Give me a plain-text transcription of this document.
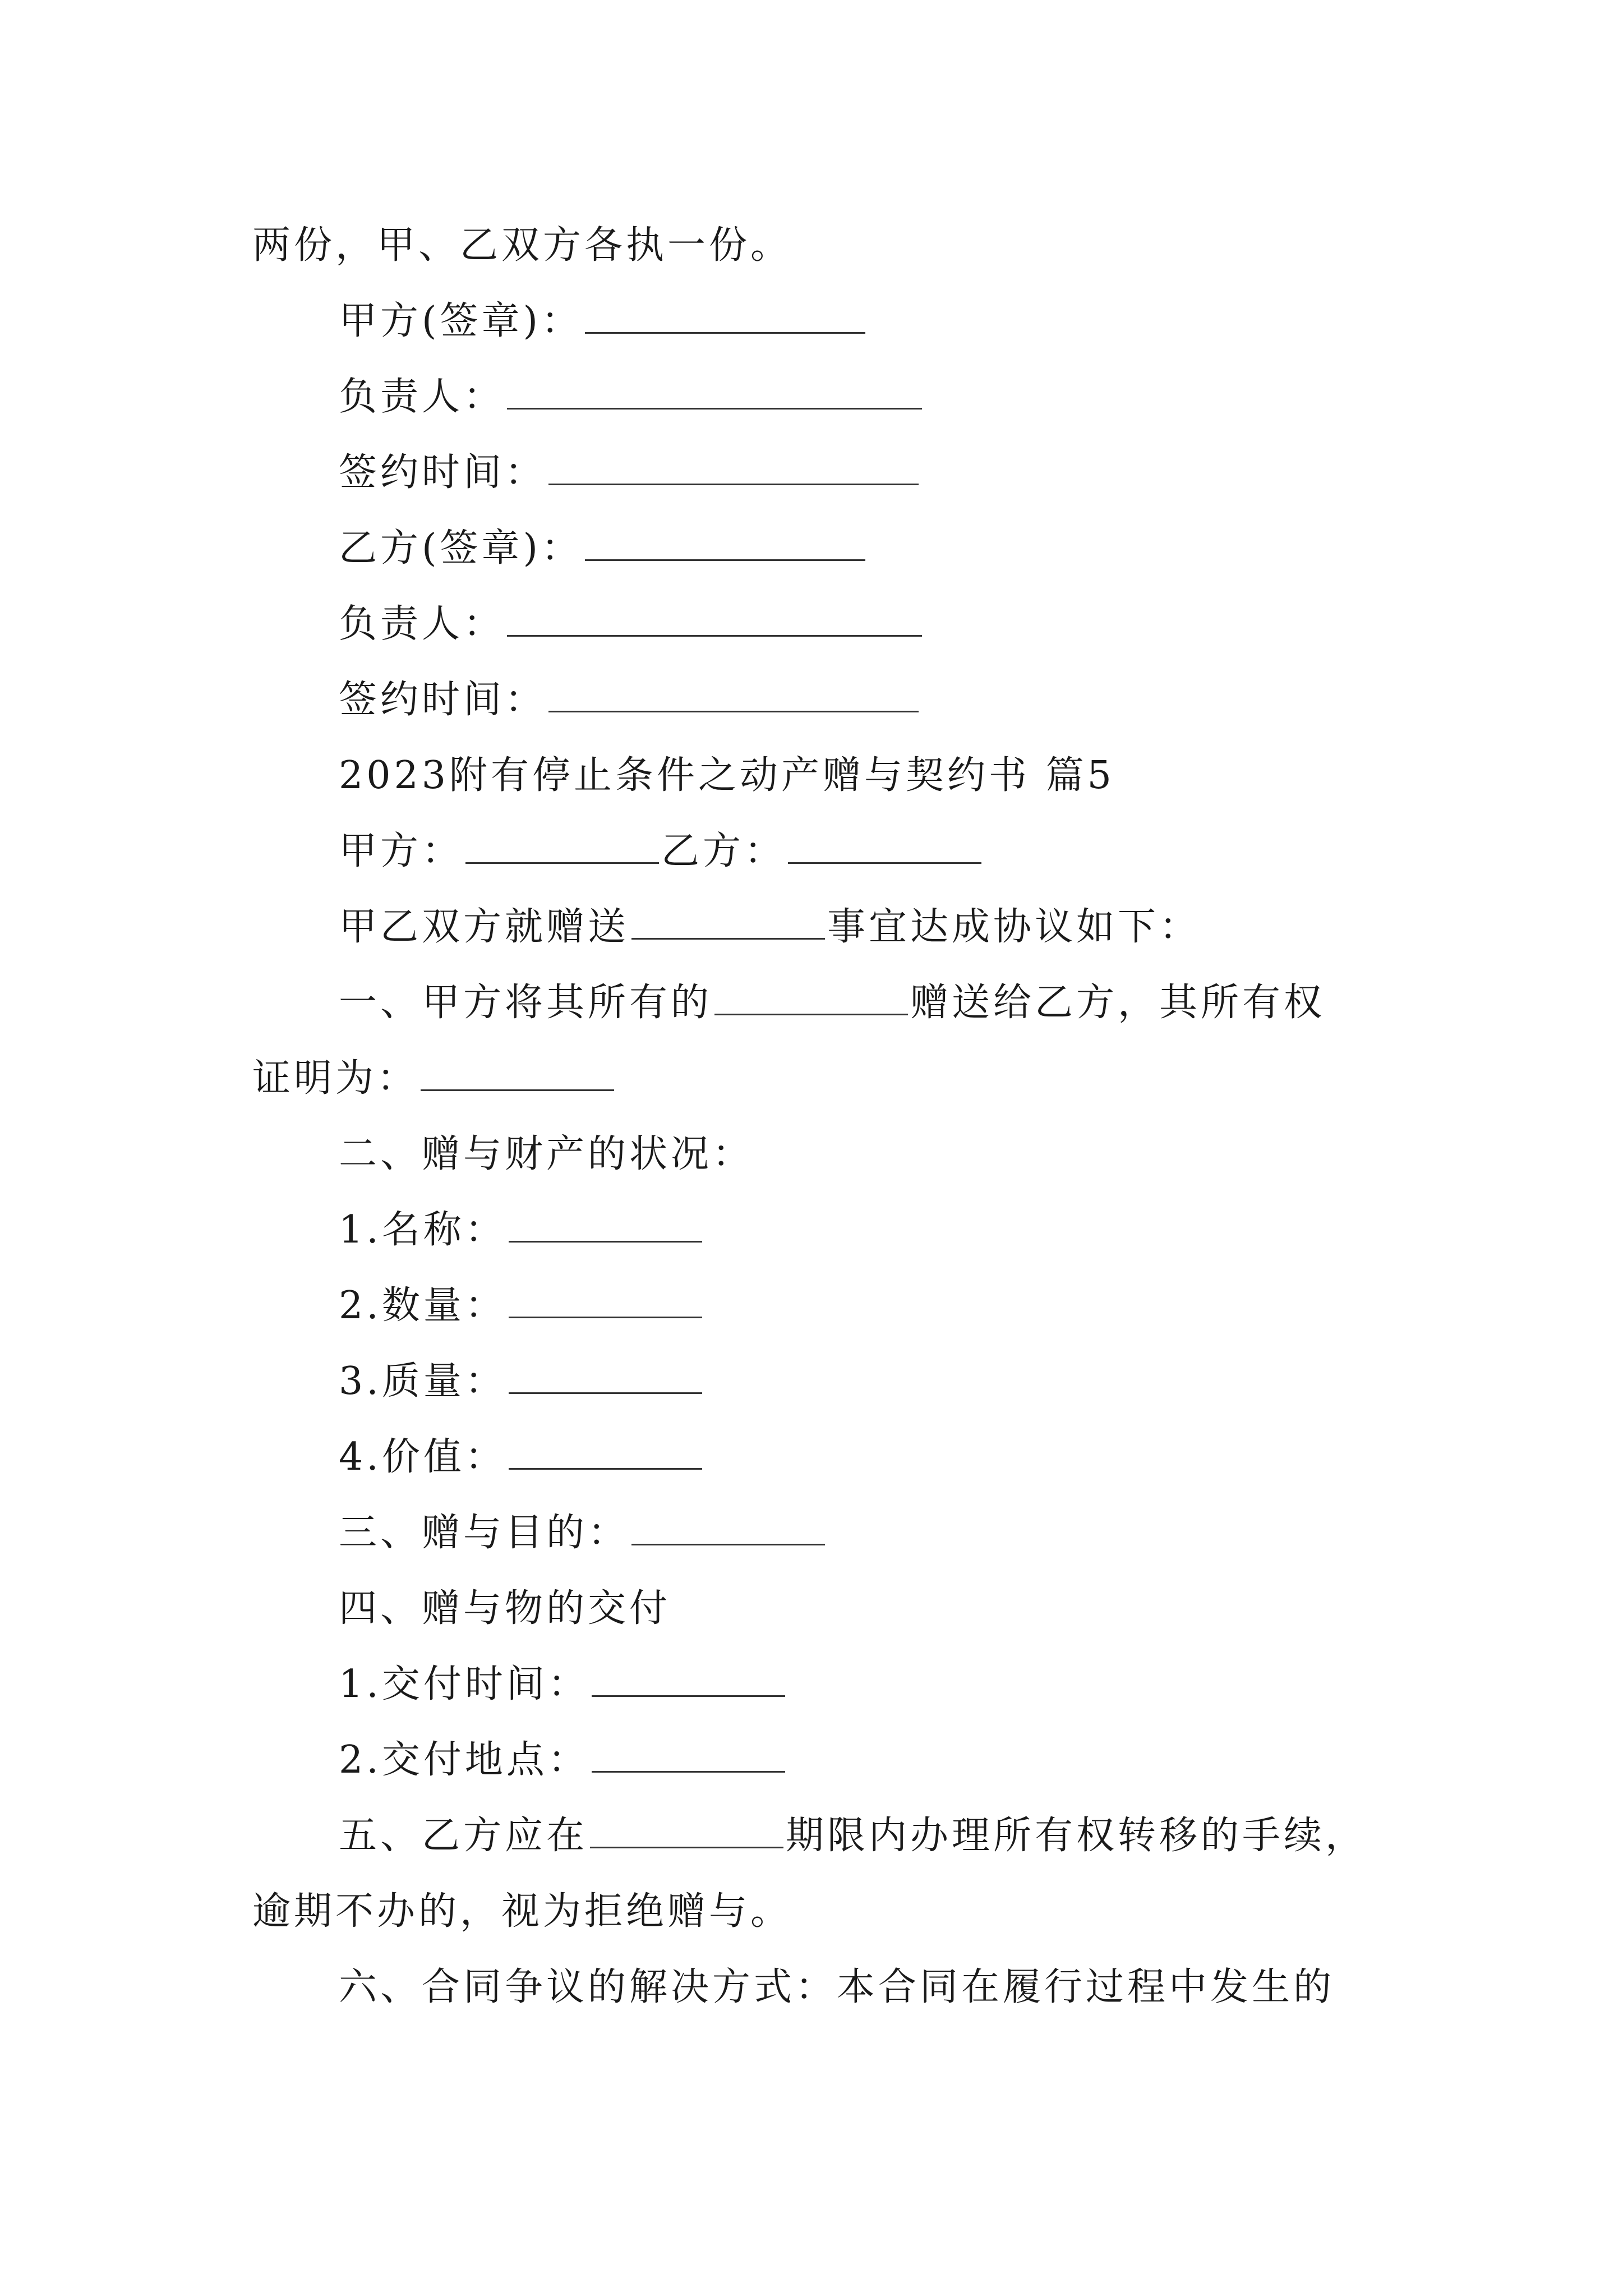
两份，甲、乙双方各执一份。
甲方(签章)：
负责人：
签约时间：
乙方(签章)：
负责人：
签约时间：
2023附有停止条件之动产赠与契约书 篇5
甲方：	乙方：
甲乙双方就赠送	事宜达成协议如下：
一、甲方将其所有的	赠送给乙方，其所有权
证明为：
二、赠与财产的状况：
1.名称：
2.数量：
3.质量：
4.价值：
三、赠与目的：
四、赠与物的交付
1.交付时间：
2.交付地点：
五、乙方应在	期限内办理所有权转移的手续，
逾期不办的，视为拒绝赠与。
六、合同争议的解决方式：本合同在履行过程中发生的
